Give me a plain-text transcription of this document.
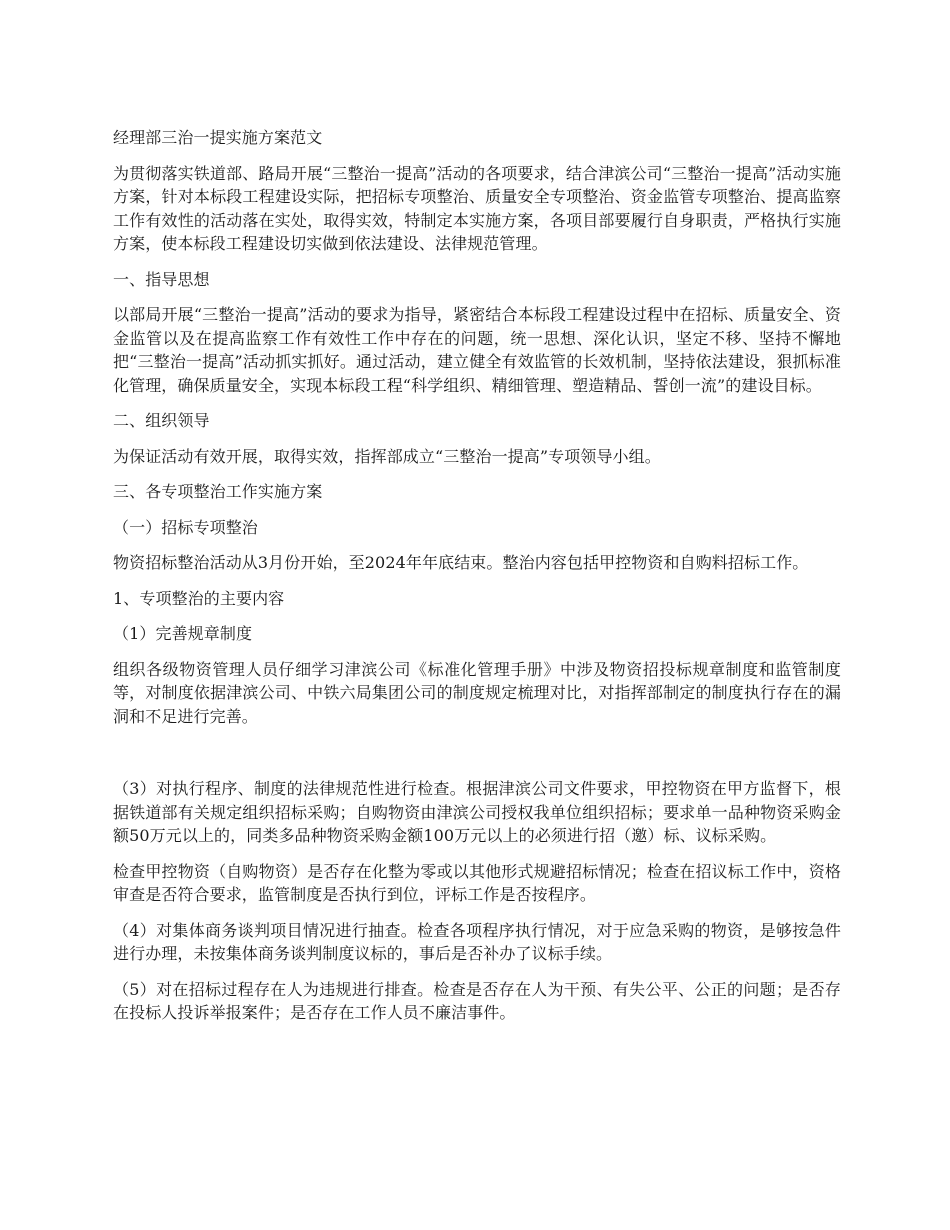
经理部三治一提实施方案范文

为贯彻落实铁道部、路局开展“三整治一提高”活动的各项要求，结合津滨公司“三整治一提高”活动实施方案，针对本标段工程建设实际，把招标专项整治、质量安全专项整治、资金监管专项整治、提高监察工作有效性的活动落在实处，取得实效，特制定本实施方案，各项目部要履行自身职责，严格执行实施方案，使本标段工程建设切实做到依法建设、法律规范管理。

一、指导思想

以部局开展“三整治一提高”活动的要求为指导，紧密结合本标段工程建设过程中在招标、质量安全、资金监管以及在提高监察工作有效性工作中存在的问题，统一思想、深化认识，坚定不移、坚持不懈地把“三整治一提高”活动抓实抓好。通过活动，建立健全有效监管的长效机制，坚持依法建设，狠抓标准化管理，确保质量安全，实现本标段工程“科学组织、精细管理、塑造精品、誓创一流”的建设目标。

二、组织领导

为保证活动有效开展，取得实效，指挥部成立“三整治一提高”专项领导小组。

三、各专项整治工作实施方案

（一）招标专项整治

物资招标整治活动从3月份开始，至2024年年底结束。整治内容包括甲控物资和自购料招标工作。

1、专项整治的主要内容

（1）完善规章制度

组织各级物资管理人员仔细学习津滨公司《标准化管理手册》中涉及物资招投标规章制度和监管制度等，对制度依据津滨公司、中铁六局集团公司的制度规定梳理对比，对指挥部制定的制度执行存在的漏洞和不足进行完善。

（3）对执行程序、制度的法律规范性进行检查。根据津滨公司文件要求，甲控物资在甲方监督下，根据铁道部有关规定组织招标采购；自购物资由津滨公司授权我单位组织招标；要求单一品种物资采购金额50万元以上的，同类多品种物资采购金额100万元以上的必须进行招（邀）标、议标采购。

检查甲控物资（自购物资）是否存在化整为零或以其他形式规避招标情况；检查在招议标工作中，资格审查是否符合要求，监管制度是否执行到位，评标工作是否按程序。

（4）对集体商务谈判项目情况进行抽查。检查各项程序执行情况，对于应急采购的物资，是够按急件进行办理，未按集体商务谈判制度议标的，事后是否补办了议标手续。

（5）对在招标过程存在人为违规进行排查。检查是否存在人为干预、有失公平、公正的问题；是否存在投标人投诉举报案件；是否存在工作人员不廉洁事件。
